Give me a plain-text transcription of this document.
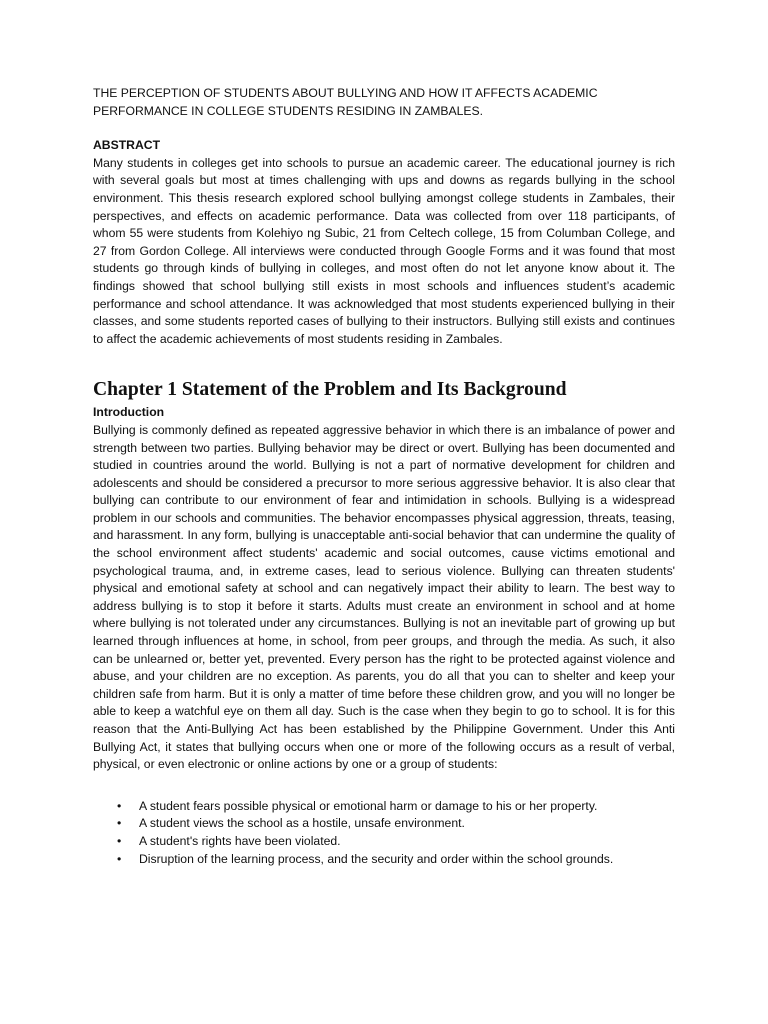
THE PERCEPTION OF STUDENTS ABOUT BULLYING AND HOW IT AFFECTS ACADEMIC PERFORMANCE IN COLLEGE STUDENTS RESIDING IN ZAMBALES.

ABSTRACT

Many students in colleges get into schools to pursue an academic career. The educational journey is rich with several goals but most at times challenging with ups and downs as regards bullying in the school environment. This thesis research explored school bullying amongst college students in Zambales, their perspectives, and effects on academic performance. Data was collected from over 118 participants, of whom 55 were students from Kolehiyo ng Subic, 21 from Celtech college, 15 from Columban College, and 27 from Gordon College. All interviews were conducted through Google Forms and it was found that most students go through kinds of bullying in colleges, and most often do not let anyone know about it. The findings showed that school bullying still exists in most schools and influences student’s academic performance and school attendance. It was acknowledged that most students experienced bullying in their classes, and some students reported cases of bullying to their instructors. Bullying still exists and continues to affect the academic achievements of most students residing in Zambales.

Chapter 1 Statement of the Problem and Its Background

Introduction

Bullying is commonly defined as repeated aggressive behavior in which there is an imbalance of power and strength between two parties. Bullying behavior may be direct or overt. Bullying has been documented and studied in countries around the world. Bullying is not a part of normative development for children and adolescents and should be considered a precursor to more serious aggressive behavior. It is also clear that bullying can contribute to our environment of fear and intimidation in schools. Bullying is a widespread problem in our schools and communities. The behavior encompasses physical aggression, threats, teasing, and harassment. In any form, bullying is unacceptable anti-social behavior that can undermine the quality of the school environment affect students' academic and social outcomes, cause victims emotional and psychological trauma, and, in extreme cases, lead to serious violence. Bullying can threaten students' physical and emotional safety at school and can negatively impact their ability to learn. The best way to address bullying is to stop it before it starts. Adults must create an environment in school and at home where bullying is not tolerated under any circumstances. Bullying is not an inevitable part of growing up but learned through influences at home, in school, from peer groups, and through the media. As such, it also can be unlearned or, better yet, prevented. Every person has the right to be protected against violence and abuse, and your children are no exception. As parents, you do all that you can to shelter and keep your children safe from harm. But it is only a matter of time before these children grow, and you will no longer be able to keep a watchful eye on them all day. Such is the case when they begin to go to school. It is for this reason that the Anti-Bullying Act has been established by the Philippine Government. Under this Anti Bullying Act, it states that bullying occurs when one or more of the following occurs as a result of verbal, physical, or even electronic or online actions by one or a group of students:

• A student fears possible physical or emotional harm or damage to his or her property.
• A student views the school as a hostile, unsafe environment.
• A student's rights have been violated.
• Disruption of the learning process, and the security and order within the school grounds.
